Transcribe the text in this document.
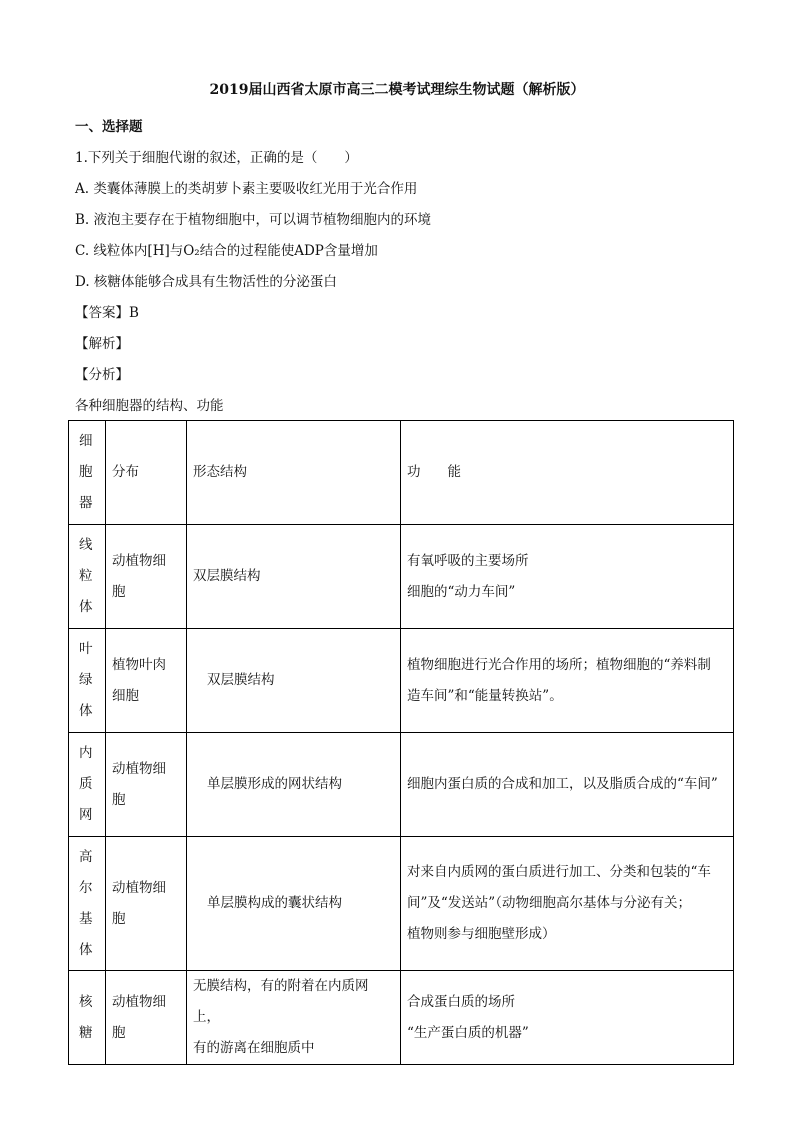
2019届山西省太原市高三二模考试理综生物试题（解析版）
一、选择题
1.下列关于细胞代谢的叙述，正确的是（　　）
A. 类囊体薄膜上的类胡萝卜素主要吸收红光用于光合作用
B. 液泡主要存在于植物细胞中，可以调节植物细胞内的环境
C. 线粒体内[H]与O₂结合的过程能使ADP含量增加
D. 核糖体能够合成具有生物活性的分泌蛋白
【答案】B
【解析】
【分析】
各种细胞器的结构、功能
细
胞
器	分布	形态结构	功　　能

线
粒
体	动植物细
胞	双层膜结构	有氧呼吸的主要场所
细胞的“动力车间”

叶
绿
体	植物叶肉
细胞	双层膜结构	植物细胞进行光合作用的场所；植物细胞的“养料制
造车间”和“能量转换站”。

内
质
网	动植物细
胞	单层膜形成的网状结构	细胞内蛋白质的合成和加工，以及脂质合成的“车间”

高
尔
基
体	动植物细
胞	单层膜构成的囊状结构	对来自内质网的蛋白质进行加工、分类和包装的“车
间”及“发送站”（动物细胞高尔基体与分泌有关；
植物则参与细胞壁形成）

核
糖	动植物细
胞	无膜结构，有的附着在内质网上，
有的游离在细胞质中	合成蛋白质的场所
“生产蛋白质的机器”
